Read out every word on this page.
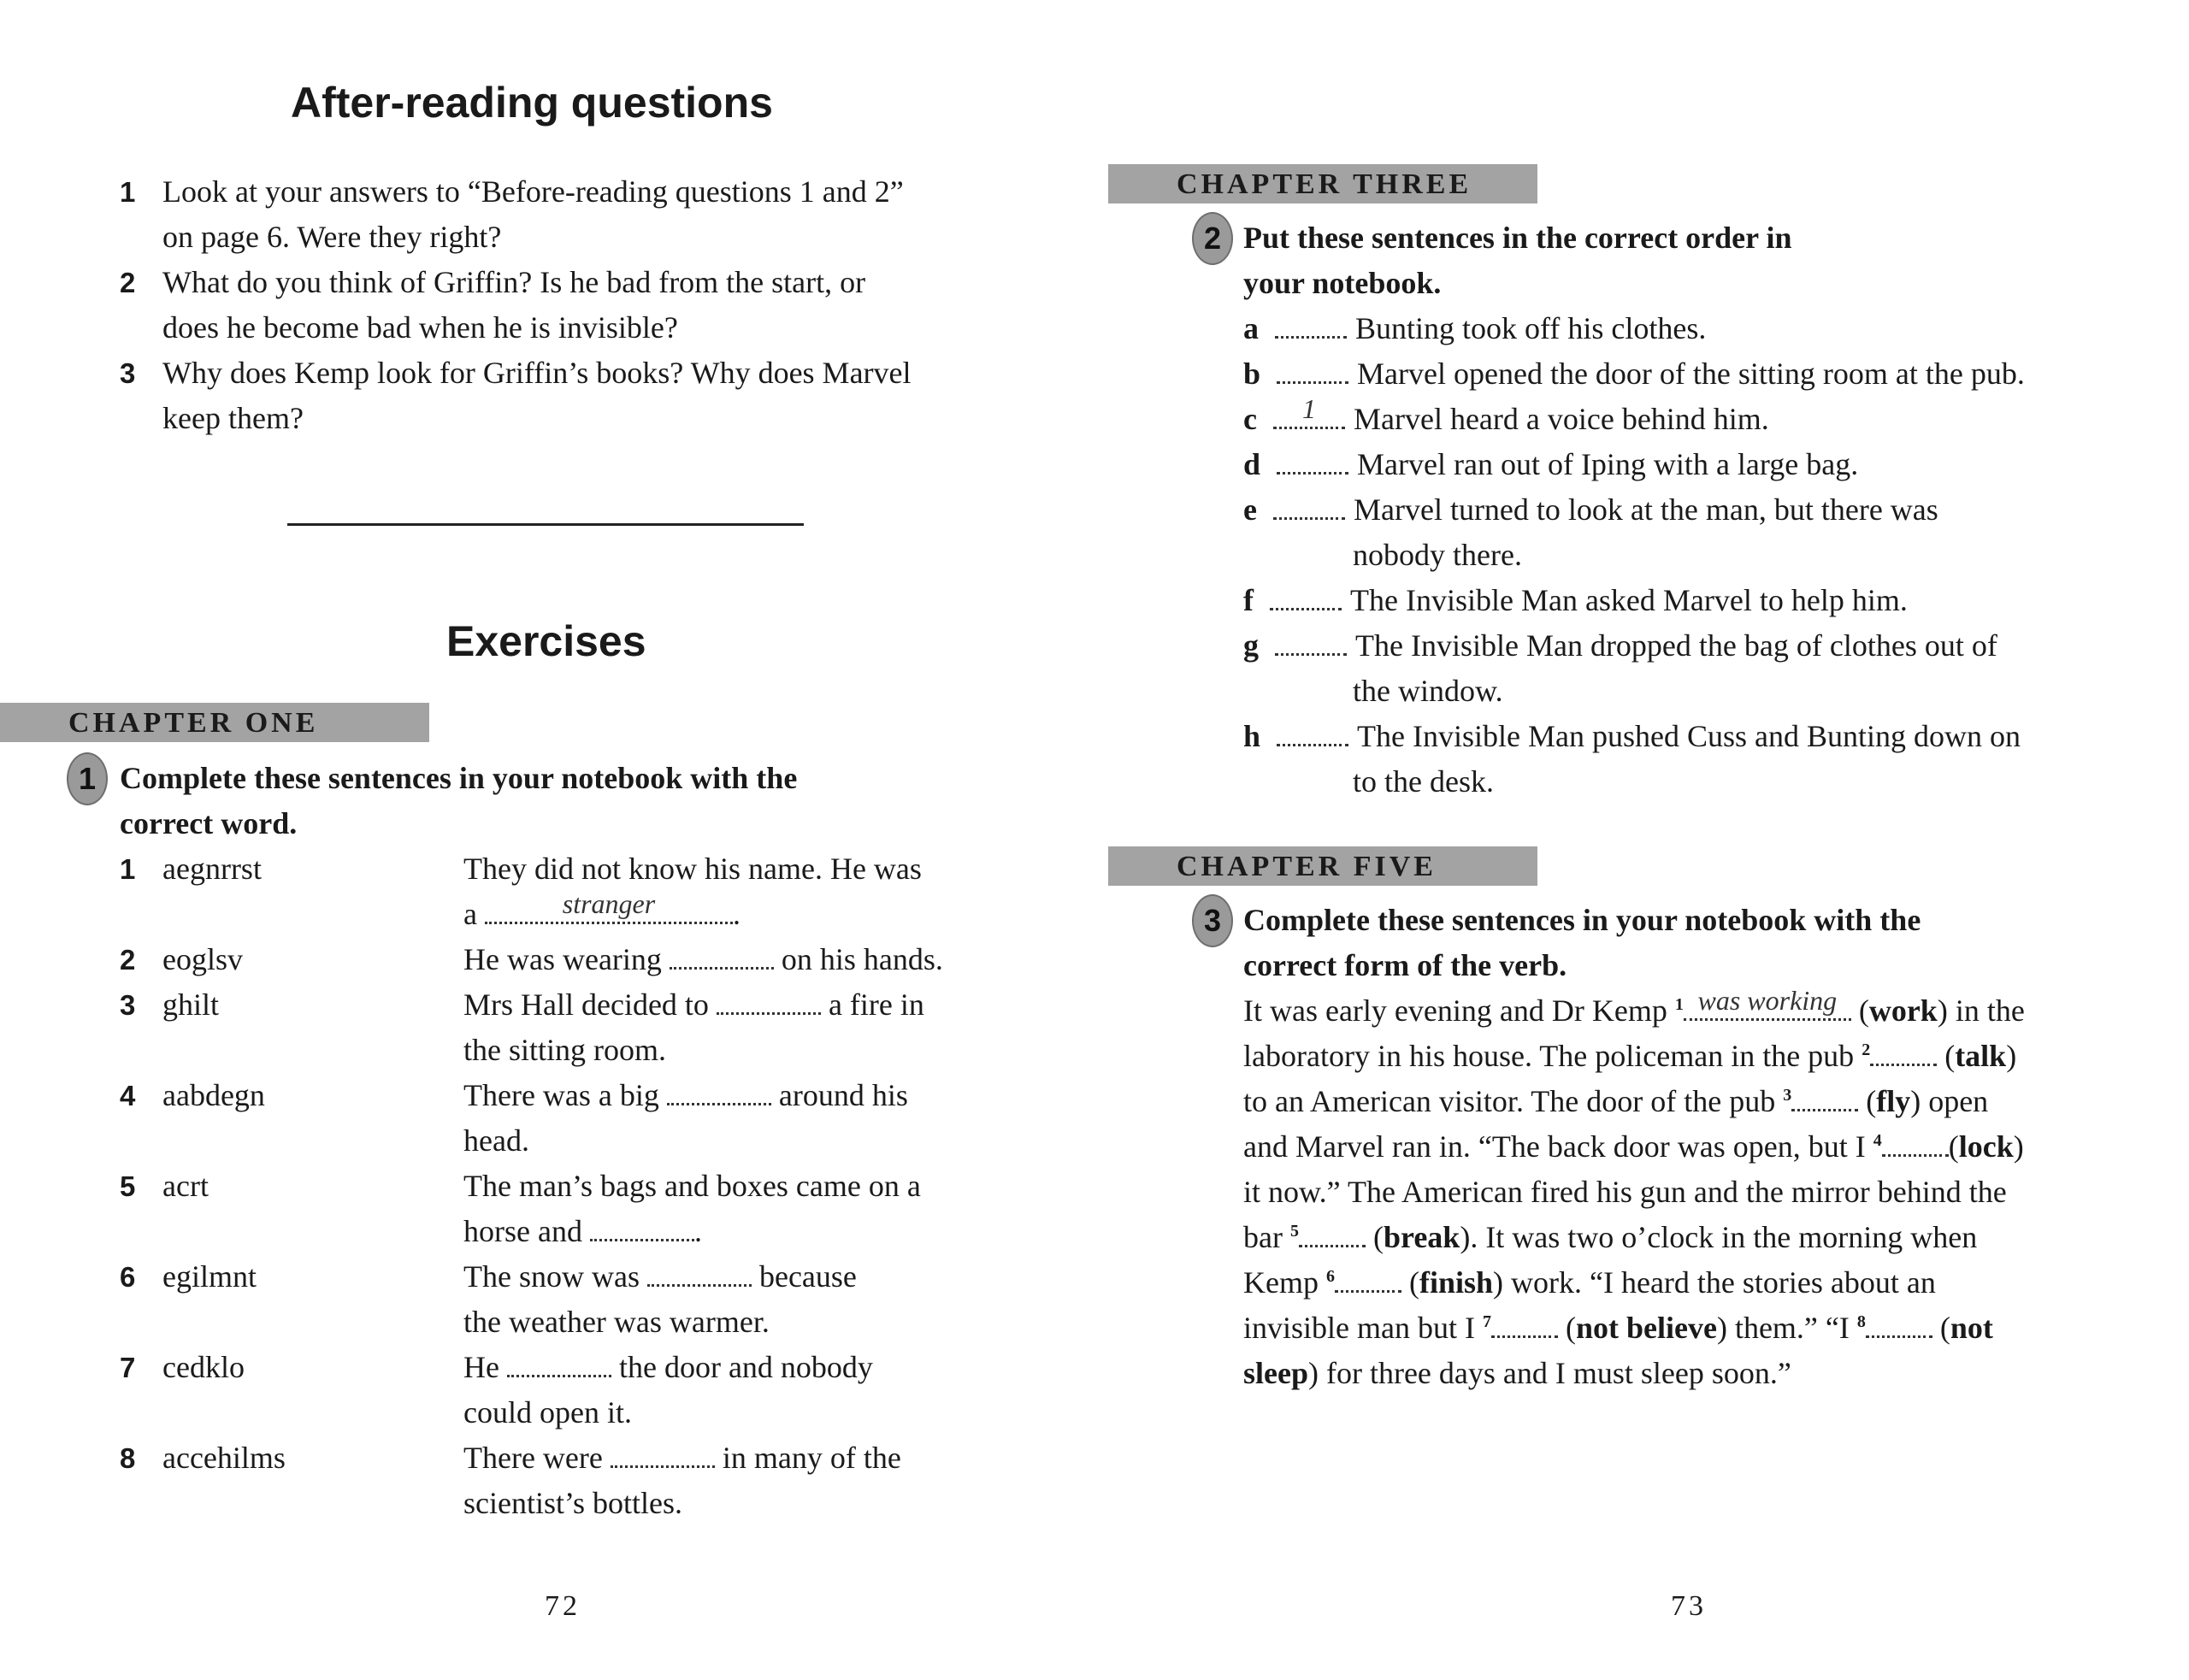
After-reading questions
1 Look at your answers to “Before-reading questions 1 and 2”
on page 6. Were they right?
2 What do you think of Griffin? Is he bad from the start, or
does he become bad when he is invisible?
3 Why does Kemp look for Griffin’s books? Why does Marvel
keep them?
Exercises
CHAPTER ONE
1 Complete these sentences in your notebook with the
correct word.
1 aegnrrst	They did not know his name. He was
a	stranger	.
2 eoglsv	He was wearing	on his hands.
3 ghilt	Mrs Hall decided to	a fire in
the sitting room.
4 aabdegn	There was a big	around his
head.
5 acrt	The man’s bags and boxes came on a
horse and	.
6 egilmnt	The snow was	because
the weather was warmer.
7 cedklo	He	the door and nobody
could open it.
8 accehilms	There were	in many of the
scientist’s bottles.
72
CHAPTER THREE
2 Put these sentences in the correct order in
your notebook.
a	Bunting took off his clothes.
b	Marvel opened the door of the sitting room at the pub.
c	1	Marvel heard a voice behind him.
d	Marvel ran out of Iping with a large bag.
e	Marvel turned to look at the man, but there was
nobody there.
f	The Invisible Man asked Marvel to help him.
g	The Invisible Man dropped the bag of clothes out of
the window.
h	The Invisible Man pushed Cuss and Bunting down on
to the desk.
CHAPTER FIVE
3 Complete these sentences in your notebook with the
correct form of the verb.
It was early evening and Dr Kemp $^1$ was working (work) in the
laboratory in his house. The policeman in the pub $^2$ (talk)
to an American visitor. The door of the pub $^3$ (fly) open
and Marvel ran in. “The back door was open, but I $^4$ (lock)
it now.” The American fired his gun and the mirror behind the
bar $^5$ (break). It was two o’clock in the morning when
Kemp $^6$ (finish) work. “I heard the stories about an
invisible man but I $^7$ (not believe) them.” “I $^8$ (not
sleep) for three days and I must sleep soon.”
73
